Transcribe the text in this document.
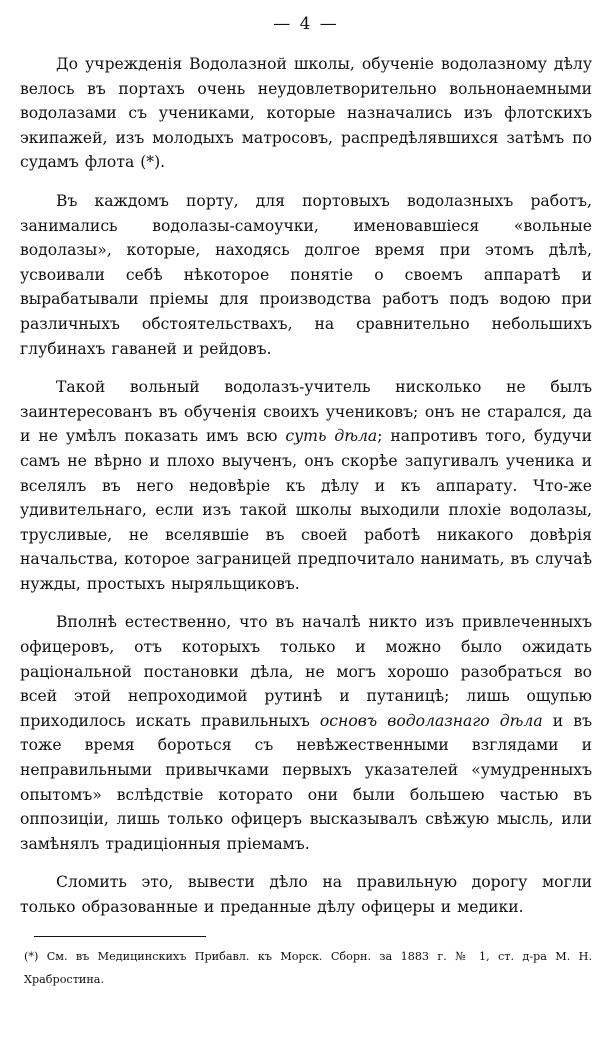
— 4 —

До учрежденія Водолазной школы, обученіе водолазному дѣлу велось въ портахъ очень неудовлетворительно вольнонаемными водолазами съ учениками, которые назначались изъ флотскихъ экипажей, изъ молодыхъ матросовъ, распредѣлявшихся затѣмъ по судамъ флота (*).

Въ каждомъ порту, для портовыхъ водолазныхъ работъ, занимались водолазы-самоучки, именовавшіеся «вольные водолазы», которые, находясь долгое время при этомъ дѣлѣ, усвоивали себѣ нѣкоторое понятіе о своемъ аппаратѣ и вырабатывали пріемы для производства работъ подъ водою при различныхъ обстоятельствахъ, на сравнительно небольшихъ глубинахъ гаваней и рейдовъ.

Такой вольный водолазъ-учитель нисколько не былъ заинтересованъ въ обученія своихъ учениковъ; онъ не старался, да и не умѣлъ показать имъ всю суть дѣла; напротивъ того, будучи самъ не вѣрно и плохо выученъ, онъ скорѣе запугивалъ ученика и вселялъ въ него недовѣріе къ дѣлу и къ аппарату. Что-же удивительнаго, если изъ такой школы выходили плохіе водолазы, трусливые, не вселявшіе въ своей работѣ никакого довѣрія начальства, которое заграницей предпочитало нанимать, въ случаѣ нужды, простыхъ ныряльщиковъ.

Вполнѣ естественно, что въ началѣ никто изъ привлеченныхъ офицеровъ, отъ которыхъ только и можно было ожидать раціональной постановки дѣла, не могъ хорошо разобраться во всей этой непроходимой рутинѣ и путаницѣ; лишь ощупью приходилось искать правильныхъ основъ водолазнаго дѣла и въ тоже время бороться съ невѣжественными взглядами и неправильными привычками первыхъ указателей «умудренныхъ опытомъ» вслѣдствіе которато они были большею частью въ оппозиціи, лишь только офицеръ высказывалъ свѣжую мысль, или замѣнялъ традиціонныя пріемамъ.

Сломить это, вывести дѣло на правильную дорогу могли только образованные и преданные дѣлу офицеры и медики.

(*) См. въ Медицинскихъ Прибавл. къ Морск. Сборн. за 1883 г. № 1, ст. д-ра М. Н. Храбростина.
